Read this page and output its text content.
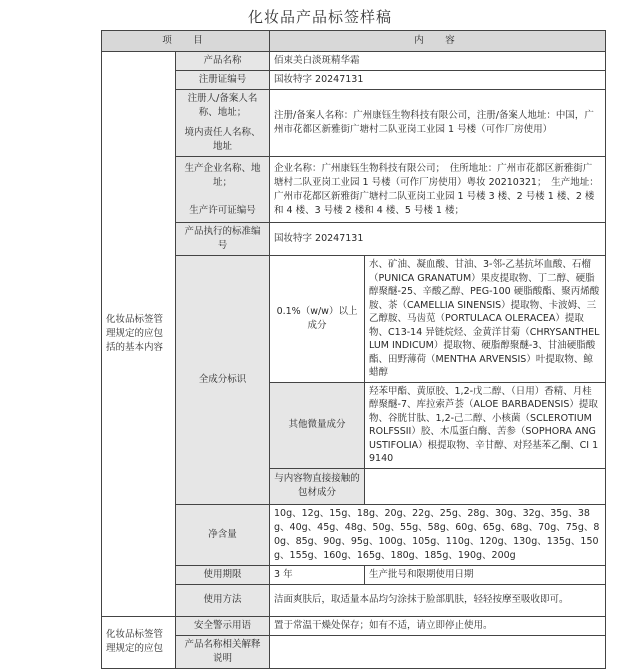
化妆品产品标签样稿
项　目		内　容	
化妆品标签管理规定的应包括的基本内容	产品名称	佰束美白淡斑精华霜	
	注册证编号	国妆特字 20247131	

	注册人/备案人名称、地址；
境内责任人名称、地址	注册/备案人名称：广州康钰生物科技有限公司，注册/备案人地址：中国，广州市花都区新雅街广塘村二队亚岗工业园 1 号楼（可作厂房使用）	

	生产企业名称、地址；
生产许可证编号	企业名称：广州康钰生物科技有限公司；　住所地址：广州市花都区新雅街广塘村二队亚岗工业园 1 号楼（可作厂房使用）粤妆 20210321；　生产地址：　广州市花都区新雅街广塘村二队亚岗工业园 1 号楼 3 楼、2 号楼 1 楼、2 楼和 4 楼、3 号楼 2 楼和 4 楼、5 号楼 1 楼；	
	产品执行的标准编号	国妆特字 20247131	
	全成分标识	0.1%（w/w）以上成分	水、矿油、凝血酸、甘油、3-邻-乙基抗坏血酸、石榴（PUNICA GRANATUM）果皮提取物、丁二醇、硬脂醇聚醚-25、辛酸乙醇、PEG-100 硬脂酸酯、聚丙烯酸胺、茶（CAMELLIA SINENSIS）提取物、卡波姆、三乙醇胺、马齿苋（PORTULACA OLERACEA）提取物、C13-14 异链烷烃、金黄洋甘菊（CHRYSANTHELLUM INDICUM）提取物、硬脂醇聚醚-3、甘油硬脂酸酯、田野薄荷（MENTHA ARVENSIS）叶提取物、鲸蜡醇
		其他微量成分	羟苯甲酯、黄原胶、1,2-戊二醇、（日用）香精、月桂醇聚醚-7、库拉索芦荟（ALOE BARBADENSIS）提取物、谷胱甘肽、1,2-己二醇、小核菌（SCLEROTIUM ROLFSSII）胶、木瓜蛋白酶、苦参（SOPHORA ANGUSTIFOLIA）根提取物、辛甘醇、对羟基苯乙酮、CI 19140
		与内容物直接接触的包材成分	
	净含量	10g、12g、15g、18g、20g、22g、25g、28g、30g、32g、35g、38g、40g、45g、48g、50g、55g、58g、60g、65g、68g、70g、75g、80g、85g、90g、95g、100g、105g、110g、120g、130g、135g、150g、155g、160g、165g、180g、185g、190g、200g	
	使用期限	3 年	生产批号和限期使用日期
	使用方法	洁面爽肤后，取适量本品均匀涂抹于脸部肌肤，轻轻按摩至吸收即可。	
化妆品标签管理规定的应包	安全警示用语	置于常温干燥处保存；如有不适，请立即停止使用。	
	产品名称相关解释说明		
